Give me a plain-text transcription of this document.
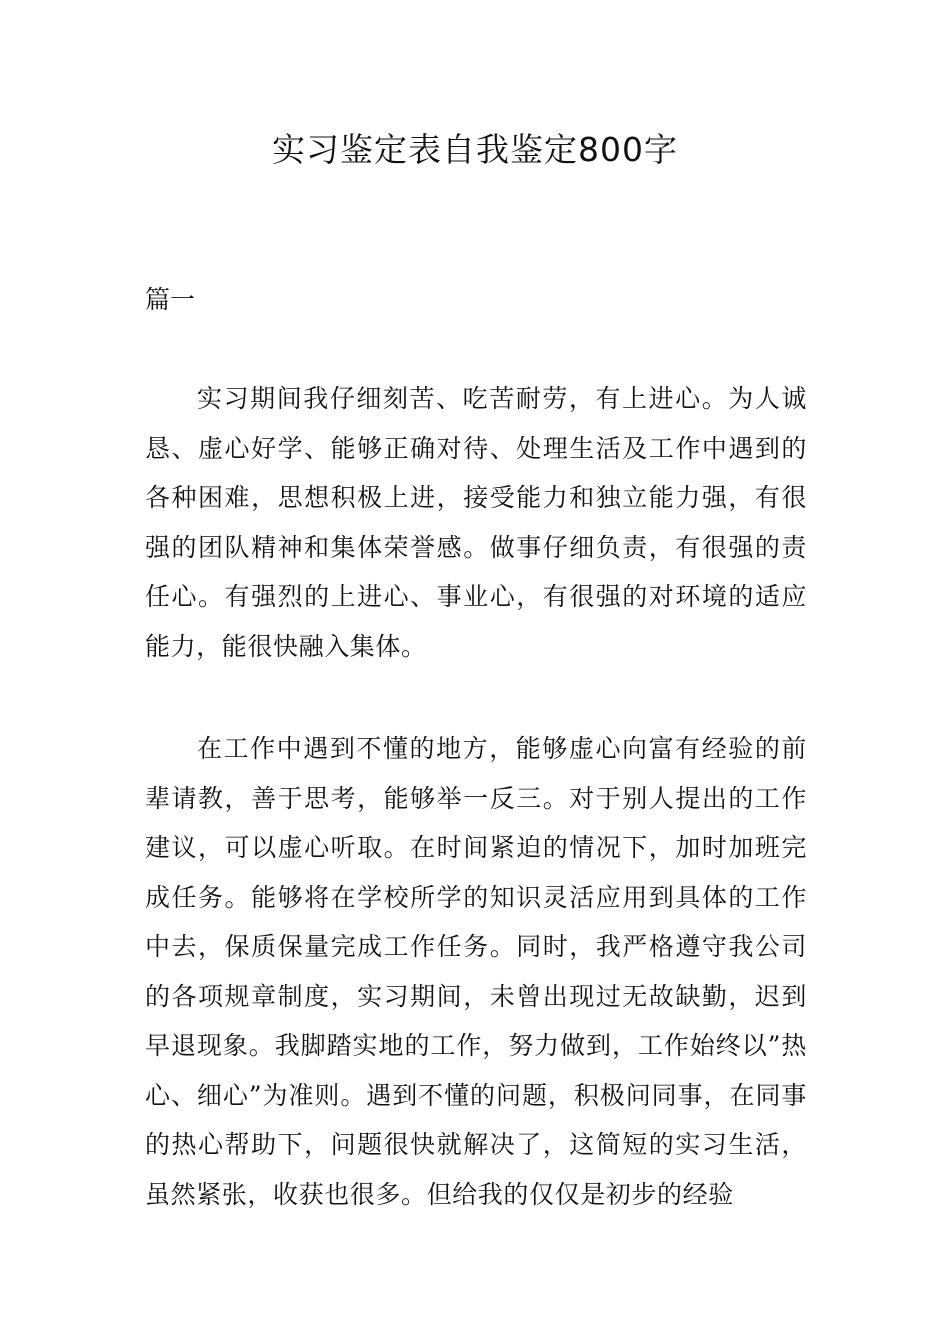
实习鉴定表自我鉴定800字

篇一

实习期间我仔细刻苦、吃苦耐劳，有上进心。为人诚恳、虚心好学、能够正确对待、处理生活及工作中遇到的各种困难，思想积极上进，接受能力和独立能力强，有很强的团队精神和集体荣誉感。做事仔细负责，有很强的责任心。有强烈的上进心、事业心，有很强的对环境的适应能力，能很快融入集体。

在工作中遇到不懂的地方，能够虚心向富有经验的前辈请教，善于思考，能够举一反三。对于别人提出的工作建议，可以虚心听取。在时间紧迫的情况下，加时加班完成任务。能够将在学校所学的知识灵活应用到具体的工作中去，保质保量完成工作任务。同时，我严格遵守我公司的各项规章制度，实习期间，未曾出现过无故缺勤，迟到早退现象。我脚踏实地的工作，努力做到，工作始终以”热心、细心”为准则。遇到不懂的问题，积极问同事，在同事的热心帮助下，问题很快就解决了，这简短的实习生活，虽然紧张，收获也很多。但给我的仅仅是初步的经验
